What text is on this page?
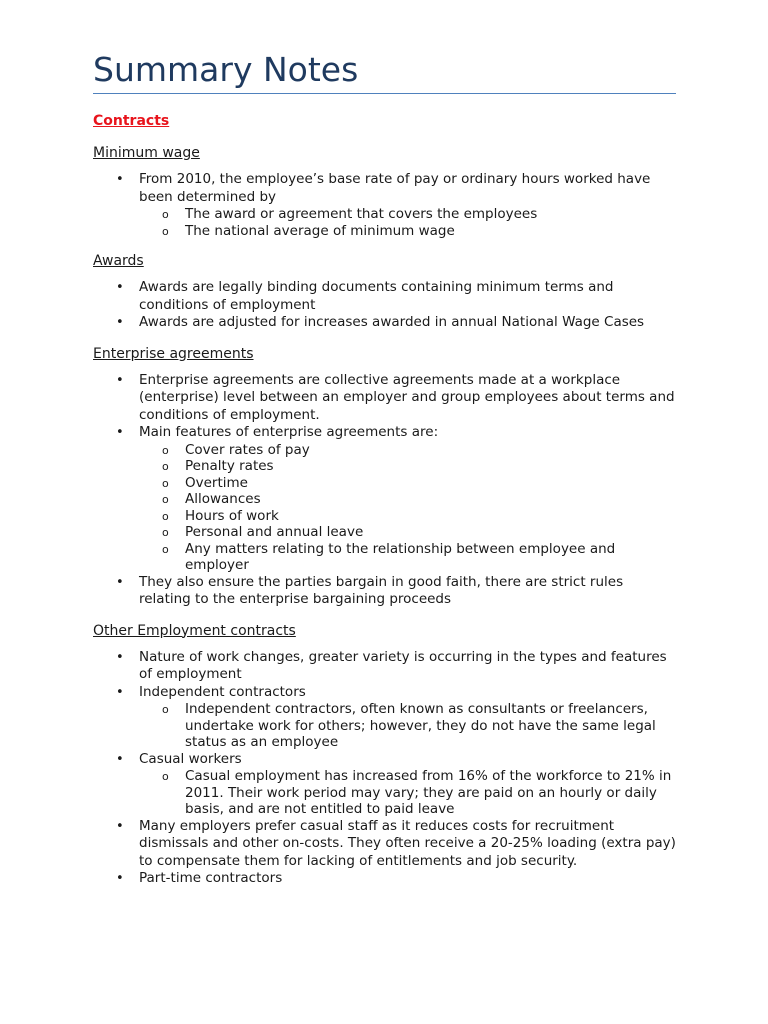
Summary Notes
Contracts
Minimum wage
• From 2010, the employee’s base rate of pay or ordinary hours worked have been determined by
o The award or agreement that covers the employees
o The national average of minimum wage
Awards
• Awards are legally binding documents containing minimum terms and conditions of employment
• Awards are adjusted for increases awarded in annual National Wage Cases
Enterprise agreements
• Enterprise agreements are collective agreements made at a workplace (enterprise) level between an employer and group employees about terms and conditions of employment.
• Main features of enterprise agreements are:
o Cover rates of pay
o Penalty rates
o Overtime
o Allowances
o Hours of work
o Personal and annual leave
o Any matters relating to the relationship between employee and employer
• They also ensure the parties bargain in good faith, there are strict rules relating to the enterprise bargaining proceeds
Other Employment contracts
• Nature of work changes, greater variety is occurring in the types and features of employment
• Independent contractors
o Independent contractors, often known as consultants or freelancers, undertake work for others; however, they do not have the same legal status as an employee
• Casual workers
o Casual employment has increased from 16% of the workforce to 21% in 2011. Their work period may vary; they are paid on an hourly or daily basis, and are not entitled to paid leave
• Many employers prefer casual staff as it reduces costs for recruitment dismissals and other on-costs. They often receive a 20-25% loading (extra pay) to compensate them for lacking of entitlements and job security.
• Part-time contractors
